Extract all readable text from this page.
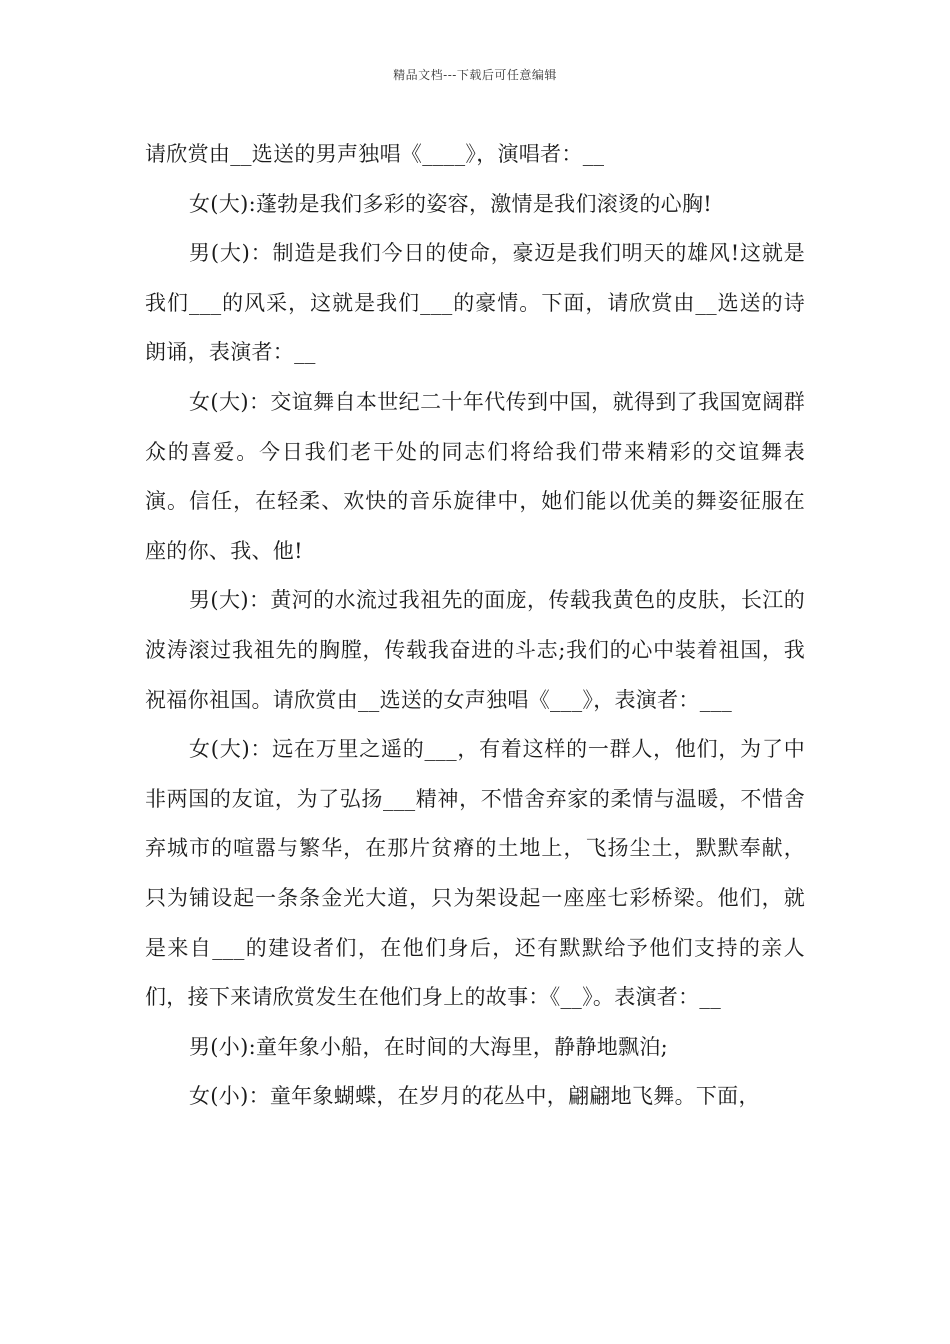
精品文档---下载后可任意编辑

请欣赏由__选送的男声独唱《____》，演唱者：__

女(大):蓬勃是我们多彩的姿容，激情是我们滚烫的心胸!

男(大)：制造是我们今日的使命，豪迈是我们明天的雄风!这就是我们___的风采，这就是我们___的豪情。下面，请欣赏由__选送的诗朗诵，表演者：__

女(大)：交谊舞自本世纪二十年代传到中国，就得到了我国宽阔群众的喜爱。今日我们老干处的同志们将给我们带来精彩的交谊舞表演。信任，在轻柔、欢快的音乐旋律中，她们能以优美的舞姿征服在座的你、我、他!

男(大)：黄河的水流过我祖先的面庞，传载我黄色的皮肤，长江的波涛滚过我祖先的胸膛，传载我奋进的斗志;我们的心中装着祖国，我祝福你祖国。请欣赏由__选送的女声独唱《___》，表演者：___

女(大)：远在万里之遥的___，有着这样的一群人，他们，为了中非两国的友谊，为了弘扬___精神，不惜舍弃家的柔情与温暖，不惜舍弃城市的喧嚣与繁华，在那片贫瘠的土地上，飞扬尘土，默默奉献，只为铺设起一条条金光大道，只为架设起一座座七彩桥梁。他们，就是来自___的建设者们，在他们身后，还有默默给予他们支持的亲人们，接下来请欣赏发生在他们身上的故事：《__》。表演者：__

男(小):童年象小船，在时间的大海里，静静地飘泊;

女(小)：童年象蝴蝶，在岁月的花丛中，翩翩地飞舞。下面，
